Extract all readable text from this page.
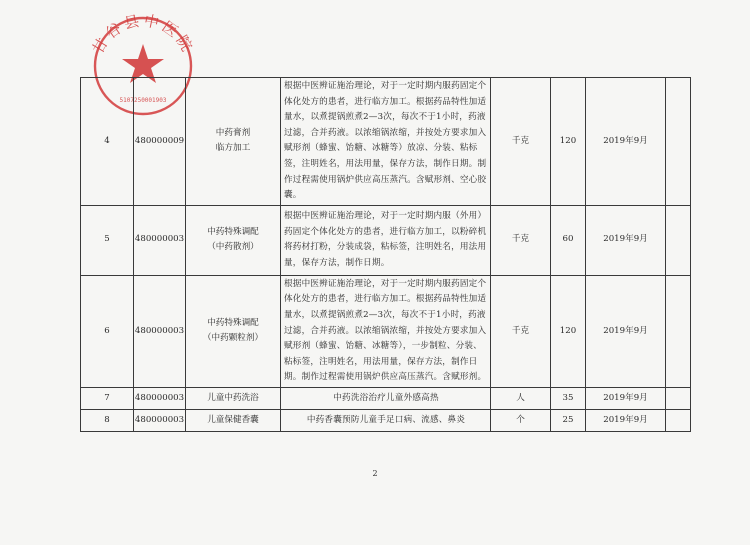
甘谷县中医院
5107250001903
4	480000009	中药膏剂
临方加工	根据中医辨证施治理论，对于一定时期内服药固定个体化处方的患者，进行临方加工。根据药品特性加适量水，以煮提锅煎煮2—3次，每次不于1小时，药液过滤，合并药液。以浓缩锅浓缩，并按处方要求加入赋形剂（蜂蜜、饴糖、冰糖等）放凉、分装、粘标签，注明姓名，用法用量，保存方法，制作日期。制作过程需使用锅炉供应高压蒸汽。含赋形剂、空心胶囊。	千克	120	2019年9月	
5	480000003	中药特殊调配
（中药散剂）	根据中医辨证施治理论，对于一定时期内服（外用）药固定个体化处方的患者，进行临方加工，以粉碎机将药材打粉，分装成袋，粘标签，注明姓名，用法用量，保存方法，制作日期。	千克	60	2019年9月	
6	480000003	中药特殊调配
（中药颗粒剂）	根据中医辨证施治理论，对于一定时期内服药固定个体化处方的患者，进行临方加工。根据药品特性加适量水，以煮提锅煎煮2—3次，每次不于1小时，药液过滤，合并药液。以浓缩锅浓缩，并按处方要求加入赋形剂（蜂蜜、饴糖、冰糖等），一步制粒、分装、粘标签，注明姓名，用法用量，保存方法，制作日期。制作过程需使用锅炉供应高压蒸汽。含赋形剂。	千克	120	2019年9月	
7	480000003	儿童中药洗浴	中药洗浴治疗儿童外感高热	人	35	2019年9月	
8	480000003	儿童保健香囊	中药香囊预防儿童手足口病、流感、鼻炎	个	25	2019年9月	
2
